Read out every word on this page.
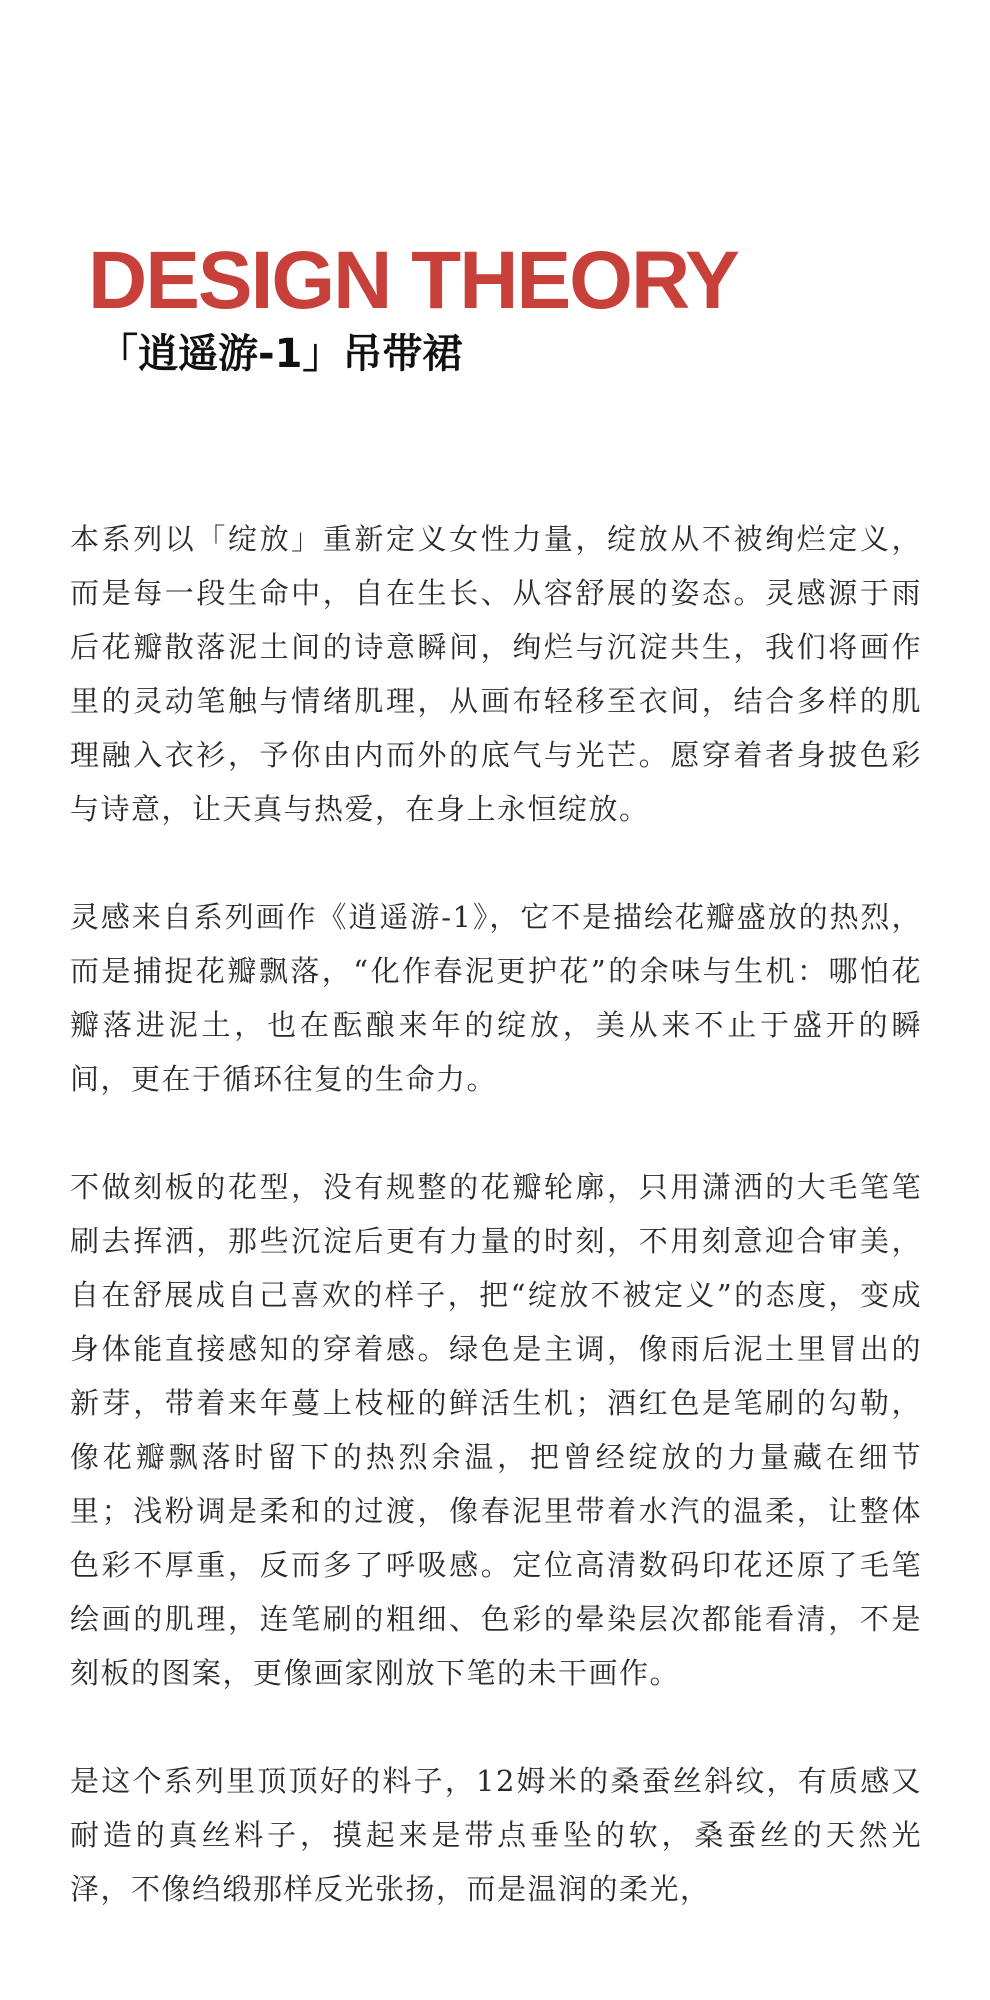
DESIGN THEORY
「逍遥游-1」吊带裙

本系列以「绽放」重新定义女性力量，绽放从不被绚烂定义，而是每一段生命中，自在生长、从容舒展的姿态。灵感源于雨后花瓣散落泥土间的诗意瞬间，绚烂与沉淀共生，我们将画作里的灵动笔触与情绪肌理，从画布轻移至衣间，结合多样的肌理融入衣衫，予你由内而外的底气与光芒。愿穿着者身披色彩与诗意，让天真与热爱，在身上永恒绽放。

灵感来自系列画作《逍遥游-1》，它不是描绘花瓣盛放的热烈，而是捕捉花瓣飘落，“化作春泥更护花”的余味与生机：哪怕花瓣落进泥土，也在酝酿来年的绽放，美从来不止于盛开的瞬间，更在于循环往复的生命力。

不做刻板的花型，没有规整的花瓣轮廓，只用潇洒的大毛笔笔刷去挥洒，那些沉淀后更有力量的时刻，不用刻意迎合审美，自在舒展成自己喜欢的样子，把“绽放不被定义”的态度，变成身体能直接感知的穿着感。绿色是主调，像雨后泥土里冒出的新芽，带着来年蔓上枝桠的鲜活生机；酒红色是笔刷的勾勒，像花瓣飘落时留下的热烈余温，把曾经绽放的力量藏在细节里；浅粉调是柔和的过渡，像春泥里带着水汽的温柔，让整体色彩不厚重，反而多了呼吸感。定位高清数码印花还原了毛笔绘画的肌理，连笔刷的粗细、色彩的晕染层次都能看清，不是刻板的图案，更像画家刚放下笔的未干画作。

是这个系列里顶顶好的料子，12姆米的桑蚕丝斜纹，有质感又耐造的真丝料子，摸起来是带点垂坠的软，桑蚕丝的天然光泽，不像绉缎那样反光张扬，而是温润的柔光，
